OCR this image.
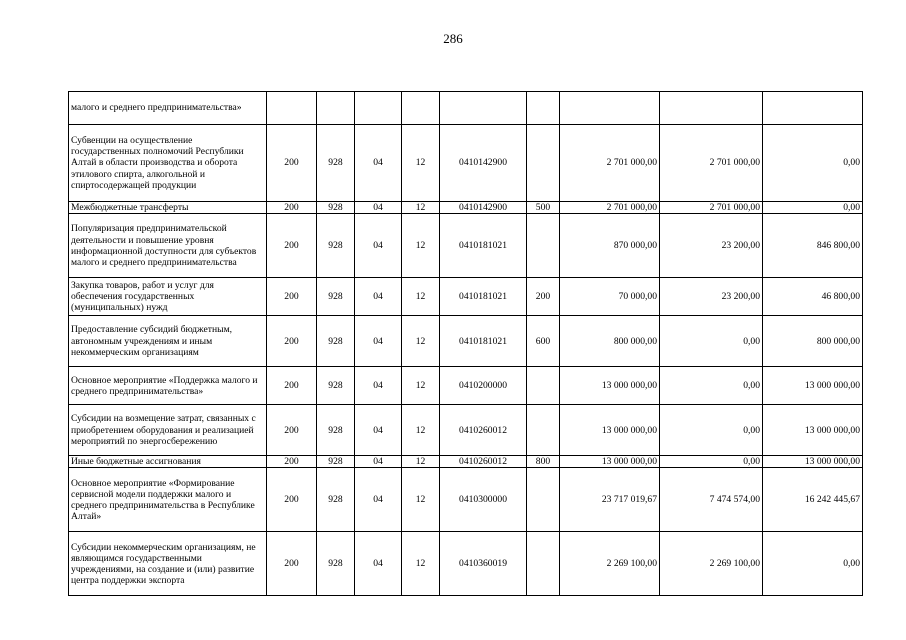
286
малого и среднего предпринимательства»									
Субвенции на осуществление государственных полномочий Республики Алтай в области производства и оборота этилового спирта, алкогольной и спиртосодержащей продукции	200	928	04	12	0410142900		2 701 000,00	2 701 000,00	0,00
Межбюджетные трансферты	200	928	04	12	0410142900	500	2 701 000,00	2 701 000,00	0,00
Популяризация предпринимательской деятельности и повышение уровня информационной доступности для субъектов малого и среднего предпринимательства	200	928	04	12	0410181021		870 000,00	23 200,00	846 800,00
Закупка товаров, работ и услуг для обеспечения государственных (муниципальных) нужд	200	928	04	12	0410181021	200	70 000,00	23 200,00	46 800,00
Предоставление субсидий бюджетным, автономным учреждениям и иным некоммерческим организациям	200	928	04	12	0410181021	600	800 000,00	0,00	800 000,00
Основное мероприятие «Поддержка малого и среднего предпринимательства»	200	928	04	12	0410200000		13 000 000,00	0,00	13 000 000,00
Субсидии на возмещение затрат, связанных с приобретением оборудования и реализацией мероприятий по энергосбережению	200	928	04	12	0410260012		13 000 000,00	0,00	13 000 000,00
Иные бюджетные ассигнования	200	928	04	12	0410260012	800	13 000 000,00	0,00	13 000 000,00
Основное мероприятие «Формирование сервисной модели поддержки малого и среднего предпринимательства в Республике Алтай»	200	928	04	12	0410300000		23 717 019,67	7 474 574,00	16 242 445,67
Субсидии некоммерческим организациям, не являющимся государственными учреждениями, на создание и (или) развитие центра поддержки экспорта	200	928	04	12	0410360019		2 269 100,00	2 269 100,00	0,00
